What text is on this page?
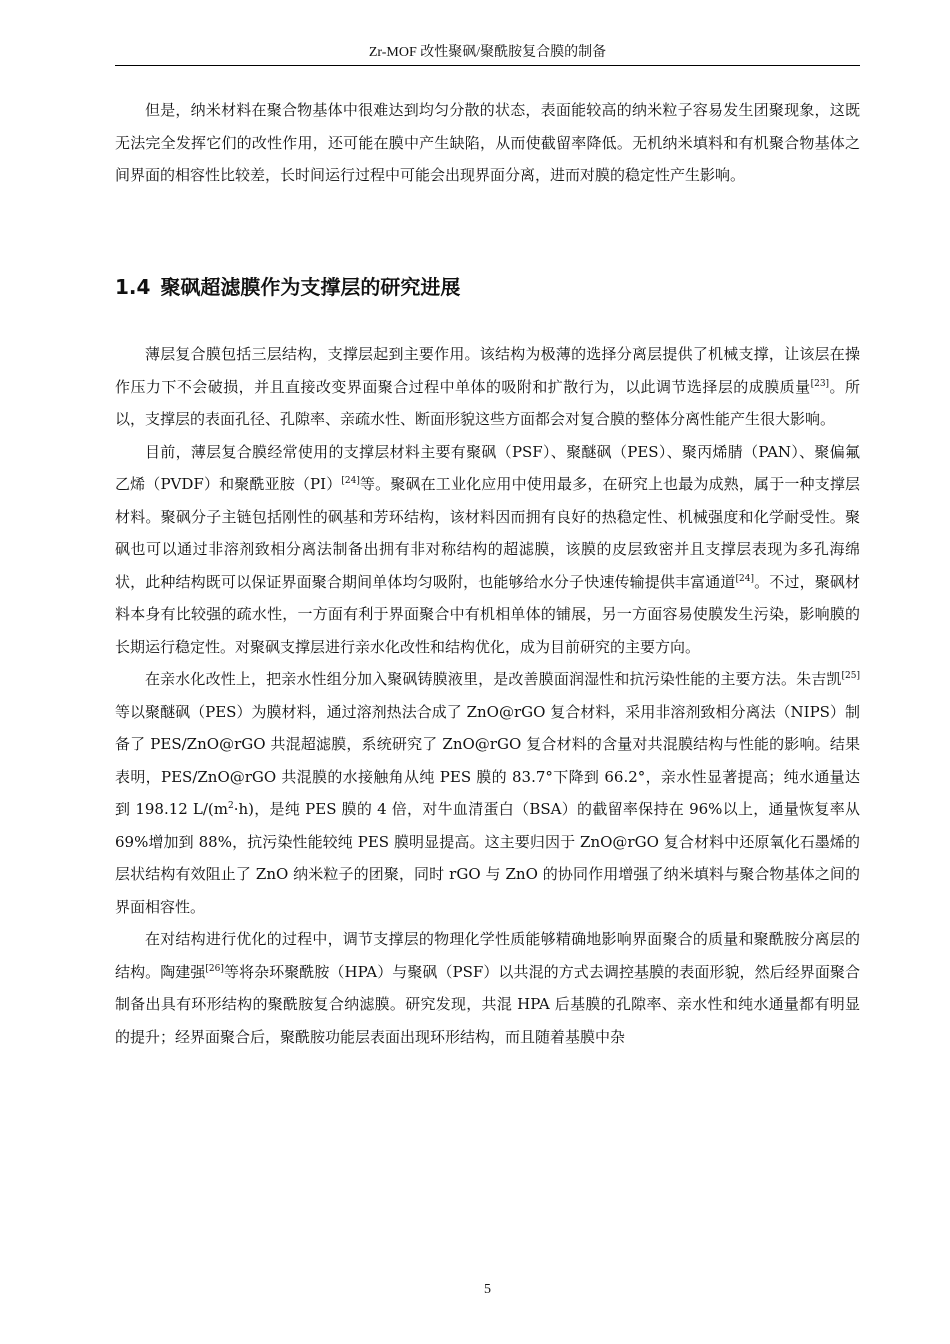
Zr-MOF 改性聚砜/聚酰胺复合膜的制备

但是，纳米材料在聚合物基体中很难达到均匀分散的状态，表面能较高的纳米粒子容易发生团聚现象，这既无法完全发挥它们的改性作用，还可能在膜中产生缺陷，从而使截留率降低。无机纳米填料和有机聚合物基体之间界面的相容性比较差，长时间运行过程中可能会出现界面分离，进而对膜的稳定性产生影响。

1.4 聚砜超滤膜作为支撑层的研究进展

薄层复合膜包括三层结构，支撑层起到主要作用。该结构为极薄的选择分离层提供了机械支撑，让该层在操作压力下不会破损，并且直接改变界面聚合过程中单体的吸附和扩散行为，以此调节选择层的成膜质量[23]。所以，支撑层的表面孔径、孔隙率、亲疏水性、断面形貌这些方面都会对复合膜的整体分离性能产生很大影响。

目前，薄层复合膜经常使用的支撑层材料主要有聚砜（PSF）、聚醚砜（PES）、聚丙烯腈（PAN）、聚偏氟乙烯（PVDF）和聚酰亚胺（PI）[24]等。聚砜在工业化应用中使用最多，在研究上也最为成熟，属于一种支撑层材料。聚砜分子主链包括刚性的砜基和芳环结构，该材料因而拥有良好的热稳定性、机械强度和化学耐受性。聚砜也可以通过非溶剂致相分离法制备出拥有非对称结构的超滤膜，该膜的皮层致密并且支撑层表现为多孔海绵状，此种结构既可以保证界面聚合期间单体均匀吸附，也能够给水分子快速传输提供丰富通道[24]。不过，聚砜材料本身有比较强的疏水性，一方面有利于界面聚合中有机相单体的铺展，另一方面容易使膜发生污染，影响膜的长期运行稳定性。对聚砜支撑层进行亲水化改性和结构优化，成为目前研究的主要方向。

在亲水化改性上，把亲水性组分加入聚砜铸膜液里，是改善膜面润湿性和抗污染性能的主要方法。朱吉凯[25]等以聚醚砜（PES）为膜材料，通过溶剂热法合成了 ZnO@rGO 复合材料，采用非溶剂致相分离法（NIPS）制备了 PES/ZnO@rGO 共混超滤膜，系统研究了 ZnO@rGO 复合材料的含量对共混膜结构与性能的影响。结果表明，PES/ZnO@rGO 共混膜的水接触角从纯 PES 膜的 83.7°下降到 66.2°，亲水性显著提高；纯水通量达到 198.12 $L/(m^2\cdot h)$，是纯 PES 膜的 4 倍，对牛血清蛋白（BSA）的截留率保持在 96%以上，通量恢复率从 69%增加到 88%，抗污染性能较纯 PES 膜明显提高。这主要归因于 ZnO@rGO 复合材料中还原氧化石墨烯的层状结构有效阻止了 ZnO 纳米粒子的团聚，同时 rGO 与 ZnO 的协同作用增强了纳米填料与聚合物基体之间的界面相容性。

在对结构进行优化的过程中，调节支撑层的物理化学性质能够精确地影响界面聚合的质量和聚酰胺分离层的结构。陶建强[26]等将杂环聚酰胺（HPA）与聚砜（PSF）以共混的方式去调控基膜的表面形貌，然后经界面聚合制备出具有环形结构的聚酰胺复合纳滤膜。研究发现，共混 HPA 后基膜的孔隙率、亲水性和纯水通量都有明显的提升；经界面聚合后，聚酰胺功能层表面出现环形结构，而且随着基膜中杂

5
